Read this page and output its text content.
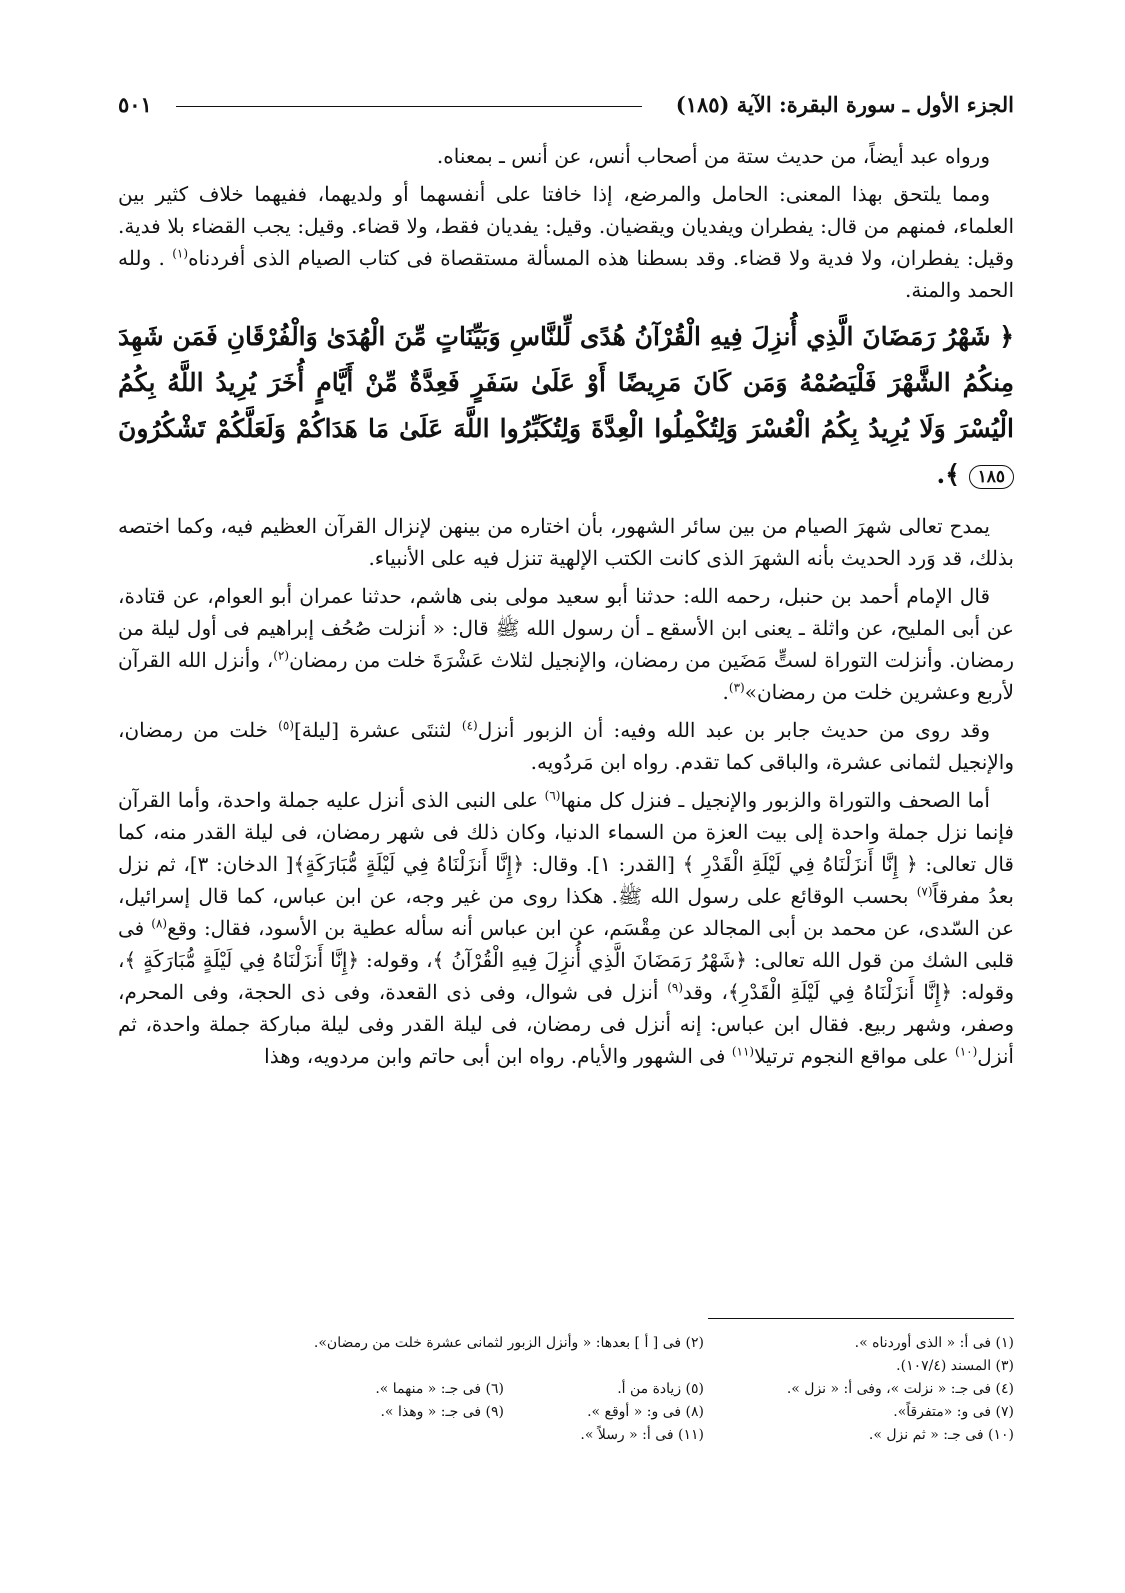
الجزء الأول ـ سورة البقرة: الآية (١٨٥)
٥٠١

ورواه عبد أيضاً، من حديث ستة من أصحاب أنس، عن أنس ـ بمعناه.

ومما يلتحق بهذا المعنى: الحامل والمرضع، إذا خافتا على أنفسهما أو ولديهما، ففيهما خلاف كثير بين العلماء، فمنهم من قال: يفطران ويفديان ويقضيان. وقيل: يفديان فقط، ولا قضاء. وقيل: يجب القضاء بلا فدية. وقيل: يفطران، ولا فدية ولا قضاء. وقد بسطنا هذه المسألة مستقصاة فى كتاب الصيام الذى أفردناه$^{(١)}$ . ولله الحمد والمنة.

﴿ شَهْرُ رَمَضَانَ الَّذِي أُنزِلَ فِيهِ الْقُرْآنُ هُدًى لِّلنَّاسِ وَبَيِّنَاتٍ مِّنَ الْهُدَىٰ وَالْفُرْقَانِ فَمَن شَهِدَ مِنكُمُ الشَّهْرَ فَلْيَصُمْهُ وَمَن كَانَ مَرِيضًا أَوْ عَلَىٰ سَفَرٍ فَعِدَّةٌ مِّنْ أَيَّامٍ أُخَرَ يُرِيدُ اللَّهُ بِكُمُ الْيُسْرَ وَلَا يُرِيدُ بِكُمُ الْعُسْرَ وَلِتُكْمِلُوا الْعِدَّةَ وَلِتُكَبِّرُوا اللَّهَ عَلَىٰ مَا هَدَاكُمْ وَلَعَلَّكُمْ تَشْكُرُونَ١٨٥ ﴾.

يمدح تعالى شهرَ الصيام من بين سائر الشهور، بأن اختاره من بينهن لإنزال القرآن العظيم فيه، وكما اختصه بذلك، قد وَرد الحديث بأنه الشهرَ الذى كانت الكتب الإلهية تنزل فيه على الأنبياء.

قال الإمام أحمد بن حنبل، رحمه الله: حدثنا أبو سعيد مولى بنى هاشم، حدثنا عمران أبو العوام، عن قتادة، عن أبى المليح، عن واثلة ـ يعنى ابن الأسقع ـ أن رسول الله ﷺ قال: « أنزلت صُحُف إبراهيم فى أول ليلة من رمضان. وأنزلت التوراة لستٍّ مَضَين من رمضان، والإنجيل لثلاث عَشْرَةَ خلت من رمضان$^{(٢)}$، وأنزل الله القرآن لأربع وعشرين خلت من رمضان»$^{(٣)}$.

وقد روى من حديث جابر بن عبد الله وفيه: أن الزبور أنزل$^{(٤)}$ لثنتَى عشرة [ليلة]$^{(٥)}$ خلت من رمضان، والإنجيل لثمانى عشرة، والباقى كما تقدم. رواه ابن مَردُويه.

أما الصحف والتوراة والزبور والإنجيل ـ فنزل كل منها$^{(٦)}$ على النبى الذى أنزل عليه جملة واحدة، وأما القرآن فإنما نزل جملة واحدة إلى بيت العزة من السماء الدنيا، وكان ذلك فى شهر رمضان، فى ليلة القدر منه، كما قال تعالى: ﴿ إِنَّا أَنزَلْنَاهُ فِي لَيْلَةِ الْقَدْرِ ﴾ [القدر: ١]. وقال: ﴿إِنَّا أَنزَلْنَاهُ فِي لَيْلَةٍ مُّبَارَكَةٍ﴾[ الدخان: ٣]، ثم نزل بعدُ مفرقاً$^{(٧)}$ بحسب الوقائع على رسول الله ﷺ. هكذا روى من غير وجه، عن ابن عباس، كما قال إسرائيل، عن السّدى، عن محمد بن أبى المجالد عن مِقْسَم، عن ابن عباس أنه سأله عطية بن الأسود، فقال: وقع$^{(٨)}$ فى قلبى الشك من قول الله تعالى: ﴿شَهْرُ رَمَضَانَ الَّذِي أُنزِلَ فِيهِ الْقُرْآنُ ﴾، وقوله: ﴿إِنَّا أَنزَلْنَاهُ فِي لَيْلَةٍ مُّبَارَكَةٍ ﴾، وقوله: ﴿إِنَّا أَنزَلْنَاهُ فِي لَيْلَةِ الْقَدْرِ﴾، وقد$^{(٩)}$ أنزل فى شوال، وفى ذى القعدة، وفى ذى الحجة، وفى المحرم، وصفر، وشهر ربيع. فقال ابن عباس: إنه أنزل فى رمضان، فى ليلة القدر وفى ليلة مباركة جملة واحدة، ثم أنزل$^{(١٠)}$ على مواقع النجوم ترتيلا$^{(١١)}$ فى الشهور والأيام. رواه ابن أبى حاتم وابن مردويه، وهذا

(١) فى أ: « الذى أوردناه ».
(٢) فى [ أ ] بعدها: « وأنزل الزبور لثمانى عشرة خلت من رمضان».
(٣) المسند (١٠٧/٤).
(٤) فى جـ: « نزلت »، وفى أ: « نزل ».
(٥) زيادة من أ.
(٦) فى جـ: « منهما ».
(٧) فى و: «متفرقاً».
(٨) فى و: « أوقع ».
(٩) فى جـ: « وهذا ».
(١٠) فى جـ: « ثم نزل ».
(١١) فى أ: « رسلاً ».
